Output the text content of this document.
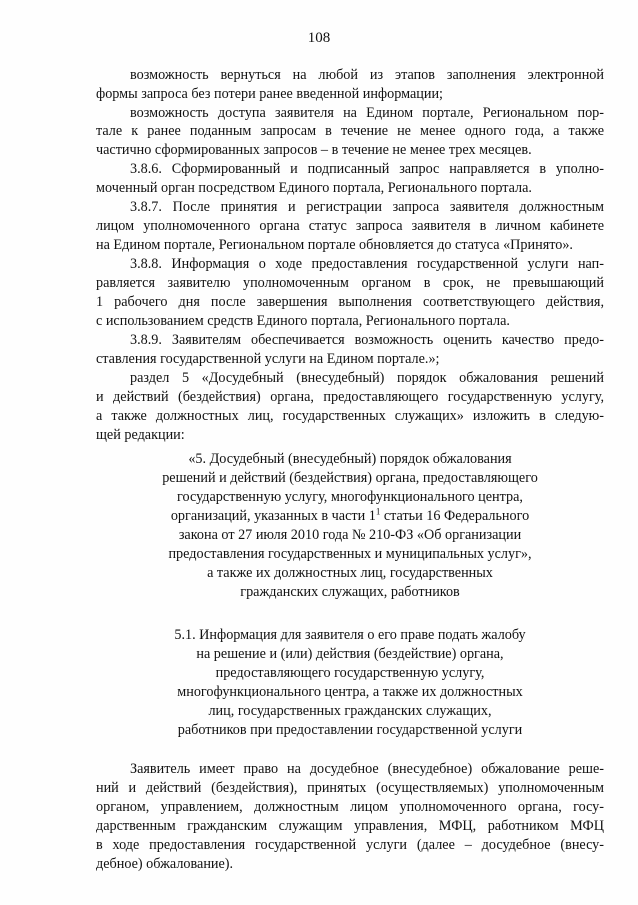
108
возможность вернуться на любой из этапов заполнения электронной
формы запроса без потери ранее введенной информации;
возможность доступа заявителя на Едином портале, Региональном пор-
тале к ранее поданным запросам в течение не менее одного года, а также
частично сформированных запросов – в течение не менее трех месяцев.
3.8.6. Сформированный и подписанный запрос направляется в уполно-
моченный орган посредством Единого портала, Регионального портала.
3.8.7. После принятия и регистрации запроса заявителя должностным
лицом уполномоченного органа статус запроса заявителя в личном кабинете
на Едином портале, Региональном портале обновляется до статуса «Принято».
3.8.8. Информация о ходе предоставления государственной услуги нап-
равляется заявителю уполномоченным органом в срок, не превышающий
1 рабочего дня после завершения выполнения соответствующего действия,
с использованием средств Единого портала, Регионального портала.
3.8.9. Заявителям обеспечивается возможность оценить качество предо-
ставления государственной услуги на Едином портале.»;
раздел 5 «Досудебный (внесудебный) порядок обжалования решений
и действий (бездействия) органа, предоставляющего государственную услугу,
а также должностных лиц, государственных служащих» изложить в следую-
щей редакции:
«5. Досудебный (внесудебный) порядок обжалования
решений и действий (бездействия) органа, предоставляющего
государственную услугу, многофункционального центра,
организаций, указанных в части $1^1$ статьи 16 Федерального
закона от 27 июля 2010 года № 210-ФЗ «Об организации
предоставления государственных и муниципальных услуг»,
а также их должностных лиц, государственных
гражданских служащих, работников
5.1. Информация для заявителя о его праве подать жалобу
на решение и (или) действия (бездействие) органа,
предоставляющего государственную услугу,
многофункционального центра, а также их должностных
лиц, государственных гражданских служащих,
работников при предоставлении государственной услуги
Заявитель имеет право на досудебное (внесудебное) обжалование реше-
ний и действий (бездействия), принятых (осуществляемых) уполномоченным
органом, управлением, должностным лицом уполномоченного органа, госу-
дарственным гражданским служащим управления, МФЦ, работником МФЦ
в ходе предоставления государственной услуги (далее – досудебное (внесу-
дебное) обжалование).
